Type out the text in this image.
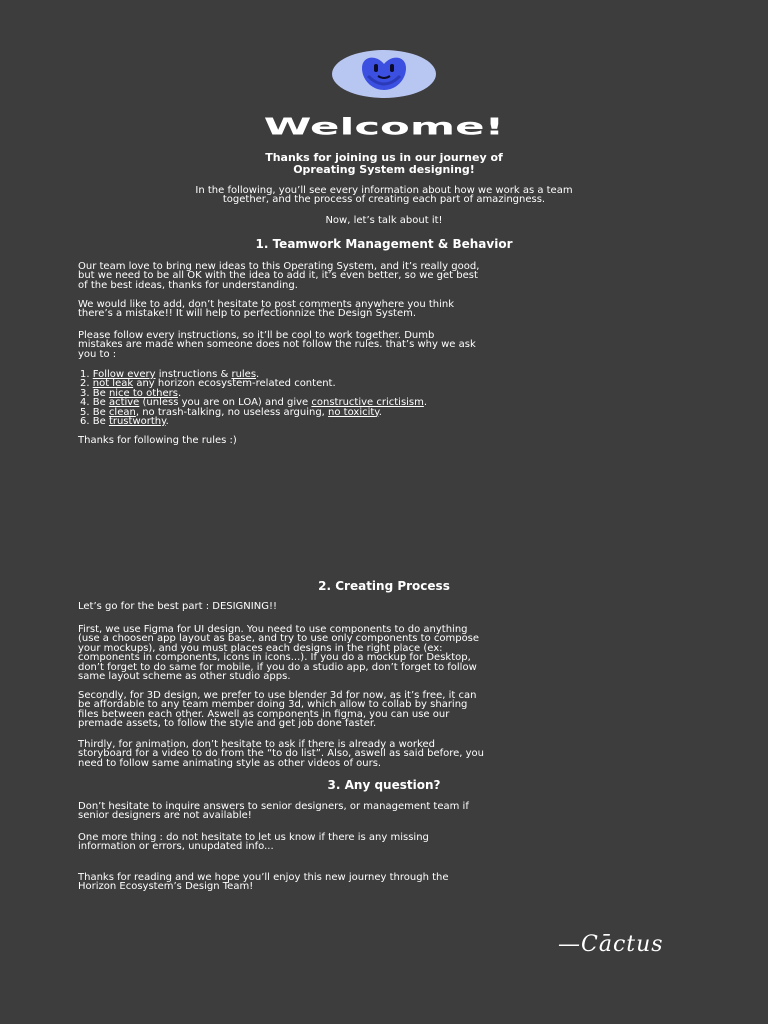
Welcome!
Thanks for joining us in our journey of
Opreating System designing!
In the following, you’ll see every information about how we work as a team
together, and the process of creating each part of amazingness.
Now, let’s talk about it!
1. Teamwork Management & Behavior
Our team love to bring new ideas to this Operating System, and it’s really good,
but we need to be all OK with the idea to add it, it’s even better, so we get best
of the best ideas, thanks for understanding.
We would like to add, don’t hesitate to post comments anywhere you think
there’s a mistake!! It will help to perfectionnize the Design System.
Please follow every instructions, so it’ll be cool to work together. Dumb
mistakes are made when someone does not follow the rules. that’s why we ask
you to :
1. Follow every instructions & rules.
2. not leak any horizon ecosystem-related content.
3. Be nice to others.
4. Be active (unless you are on LOA) and give constructive crictisism.
5. Be clean, no trash-talking, no useless arguing, no toxicity.
6. Be trustworthy.
Thanks for following the rules :)
2. Creating Process
Let’s go for the best part : DESIGNING!!
First, we use Figma for UI design. You need to use components to do anything
(use a choosen app layout as base, and try to use only components to compose
your mockups), and you must places each designs in the right place (ex:
components in components, icons in icons...). If you do a mockup for Desktop,
don’t forget to do same for mobile, if you do a studio app, don’t forget to follow
same layout scheme as other studio apps.
Secondly, for 3D design, we prefer to use blender 3d for now, as it’s free, it can
be affordable to any team member doing 3d, which allow to collab by sharing
files between each other. Aswell as components in figma, you can use our
premade assets, to follow the style and get job done faster.
Thirdly, for animation, don’t hesitate to ask if there is already a worked
storyboard for a video to do from the “to do list”. Also, aswell as said before, you
need to follow same animating style as other videos of ours.
3. Any question?
Don’t hesitate to inquire answers to senior designers, or management team if
senior designers are not available!
One more thing : do not hesitate to let us know if there is any missing
information or errors, unupdated info...
Thanks for reading and we hope you’ll enjoy this new journey through the
Horizon Ecosystem’s Design Team!
—Cāctus
